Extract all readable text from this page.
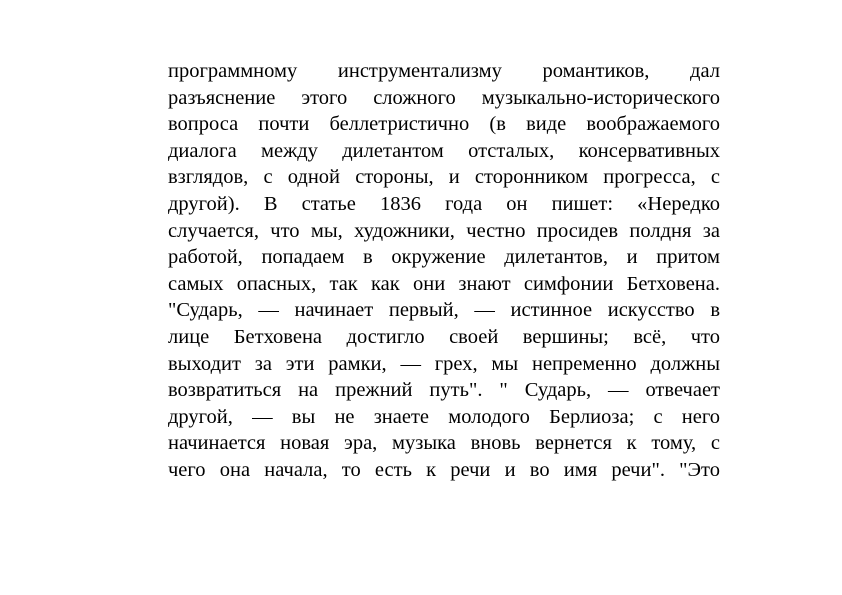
программному инструментализму романтиков, дал
разъяснение этого сложного музыкально-исторического
вопроса почти беллетристично (в виде воображаемого
диалога между дилетантом отсталых, консервативных
взглядов, с одной стороны, и сторонником прогресса, с
другой). В статье 1836 года он пишет: «Нередко
случается, что мы, художники, честно просидев полдня за
работой, попадаем в окружение дилетантов, и притом
самых опасных, так как они знают симфонии Бетховена.
"Сударь, — начинает первый, — истинное искусство в
лице Бетховена достигло своей вершины; всё, что
выходит за эти рамки, — грех, мы непременно должны
возвратиться на прежний путь". " Сударь, — отвечает
другой, — вы не знаете молодого Берлиоза; с него
начинается новая эра, музыка вновь вернется к тому, с
чего она начала, то есть к речи и во имя речи". "Это
